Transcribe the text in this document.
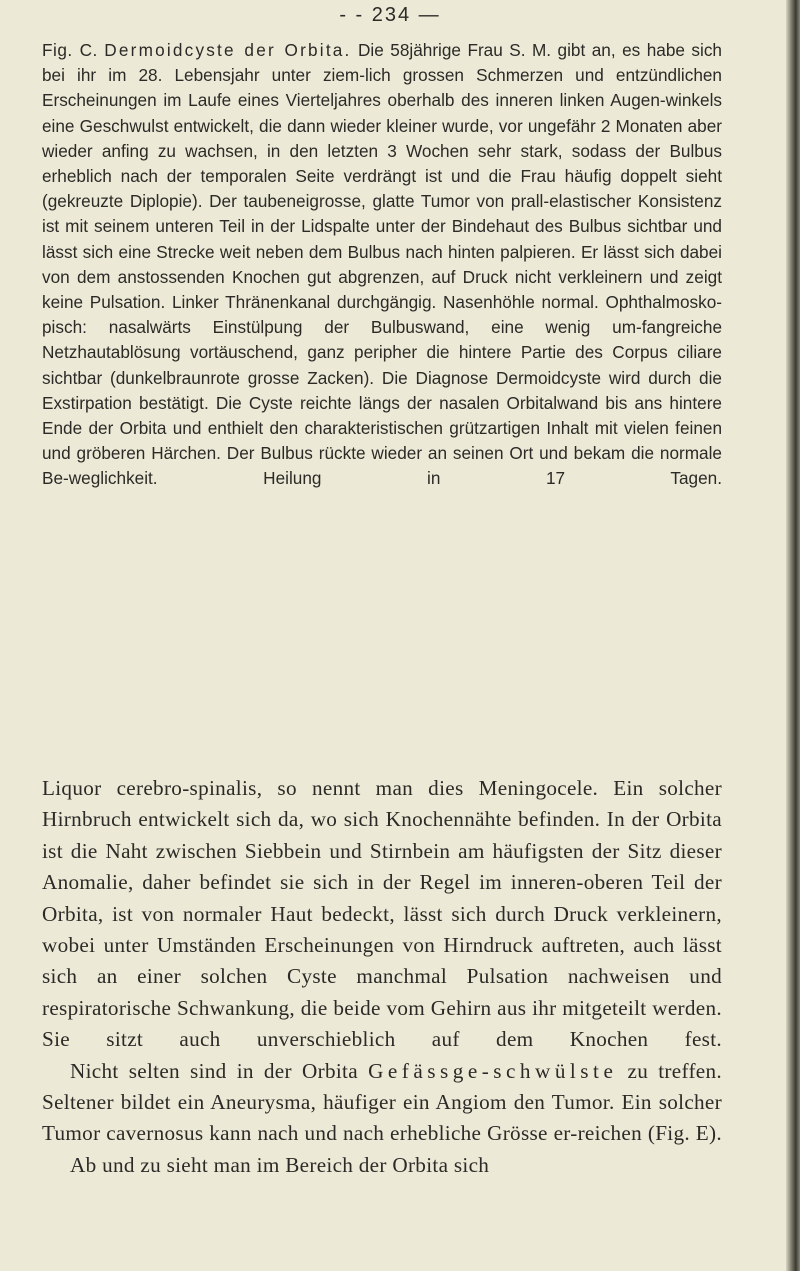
- - 234 —

Fig. C. Dermoidcyste der Orbita. Die 58jährige Frau S. M. gibt an, es habe sich bei ihr im 28. Lebensjahr unter ziem-lich grossen Schmerzen und entzündlichen Erscheinungen im Laufe eines Vierteljahres oberhalb des inneren linken Augen-winkels eine Geschwulst entwickelt, die dann wieder kleiner wurde, vor ungefähr 2 Monaten aber wieder anfing zu wachsen, in den letzten 3 Wochen sehr stark, sodass der Bulbus erheblich nach der temporalen Seite verdrängt ist und die Frau häufig doppelt sieht (gekreuzte Diplopie). Der taubeneigrosse, glatte Tumor von prall-elastischer Konsistenz ist mit seinem unteren Teil in der Lidspalte unter der Bindehaut des Bulbus sichtbar und lässt sich eine Strecke weit neben dem Bulbus nach hinten palpieren. Er lässt sich dabei von dem anstossenden Knochen gut abgrenzen, auf Druck nicht verkleinern und zeigt keine Pulsation. Linker Thränenkanal durchgängig. Nasenhöhle normal. Ophthalmosko-pisch: nasalwärts Einstülpung der Bulbuswand, eine wenig um-fangreiche Netzhautablösung vortäuschend, ganz peripher die hintere Partie des Corpus ciliare sichtbar (dunkelbraunrote grosse Zacken). Die Diagnose Dermoidcyste wird durch die Exstirpation bestätigt. Die Cyste reichte längs der nasalen Orbitalwand bis ans hintere Ende der Orbita und enthielt den charakteristischen grützartigen Inhalt mit vielen feinen und gröberen Härchen. Der Bulbus rückte wieder an seinen Ort und bekam die normale Be-weglichkeit. Heilung in 17 Tagen.

Liquor cerebro-spinalis, so nennt man dies Meningocele. Ein solcher Hirnbruch entwickelt sich da, wo sich Knochennähte befinden. In der Orbita ist die Naht zwischen Siebbein und Stirnbein am häufigsten der Sitz dieser Anomalie, daher befindet sie sich in der Regel im inneren-oberen Teil der Orbita, ist von normaler Haut bedeckt, lässt sich durch Druck verkleinern, wobei unter Umständen Erscheinungen von Hirndruck auftreten, auch lässt sich an einer solchen Cyste manchmal Pulsation nachweisen und respiratorische Schwankung, die beide vom Gehirn aus ihr mitgeteilt werden. Sie sitzt auch unverschieblich auf dem Knochen fest.

Nicht selten sind in der Orbita Gefässge-schwülste zu treffen. Seltener bildet ein Aneurysma, häufiger ein Angiom den Tumor. Ein solcher Tumor cavernosus kann nach und nach erhebliche Grösse er-reichen (Fig. E).

Ab und zu sieht man im Bereich der Orbita sich
